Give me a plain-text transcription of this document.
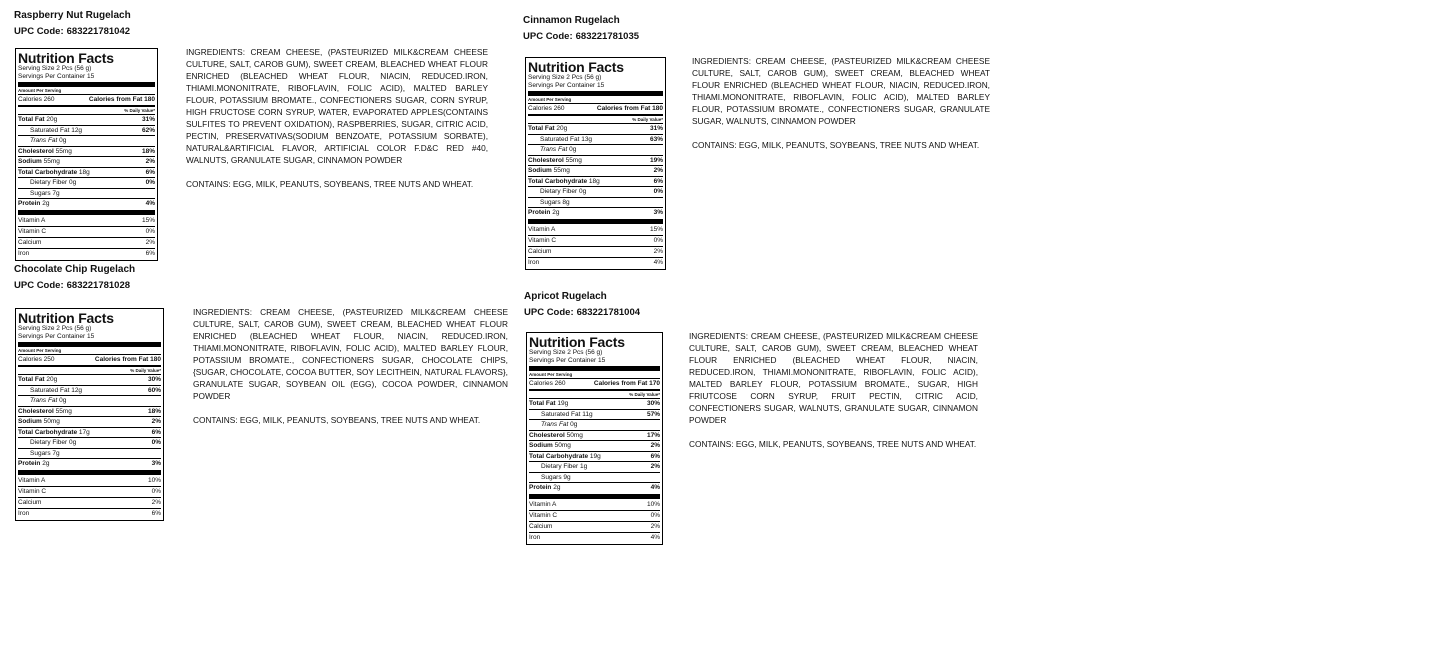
Raspberry Nut Rugelach
UPC Code: 683221781042
Nutrition Facts
Serving Size 2 Pcs (56 g)
Servings Per Container 15
Amount Per Serving
Calories 260	Calories from Fat 180
% Daily Value*
Total Fat 20g	31%
Saturated Fat 12g	62%
Trans Fat 0g
Cholesterol 55mg	18%
Sodium 55mg	2%
Total Carbohydrate 18g	6%
Dietary Fiber 0g	0%
Sugars 7g
Protein 2g	4%
Vitamin A	15%
Vitamin C	0%
Calcium	2%
Iron	6%

INGREDIENTS: CREAM CHEESE, (PASTEURIZED MILK&CREAM CHEESE CULTURE, SALT, CAROB GUM), SWEET CREAM, BLEACHED WHEAT FLOUR ENRICHED (BLEACHED WHEAT FLOUR, NIACIN, REDUCED.IRON, THIAMI.MONONITRATE, RIBOFLAVIN, FOLIC ACID), MALTED BARLEY FLOUR, POTASSIUM BROMATE., CONFECTIONERS SUGAR, CORN SYRUP, HIGH FRUCTOSE CORN SYRUP, WATER, EVAPORATED APPLES(CONTAINS SULFITES TO PREVENT OXIDATION), RASPBERRIES, SUGAR, CITRIC ACID, PECTIN, PRESERVATIVAS(SODIUM BENZOATE, POTASSIUM SORBATE), NATURAL&ARTIFICIAL FLAVOR, ARTIFICIAL COLOR F.D&C RED #40, WALNUTS, GRANULATE SUGAR, CINNAMON POWDER

CONTAINS: EGG, MILK, PEANUTS, SOYBEANS, TREE NUTS AND WHEAT.

Chocolate Chip Rugelach
UPC Code: 683221781028
Nutrition Facts
Serving Size 2 Pcs (56 g)
Servings Per Container 15
Amount Per Serving
Calories 250	Calories from Fat 180
% Daily Value*
Total Fat 20g	30%
Saturated Fat 12g	60%
Trans Fat 0g
Cholesterol 55mg	18%
Sodium 50mg	2%
Total Carbohydrate 17g	6%
Dietary Fiber 0g	0%
Sugars 7g
Protein 2g	3%
Vitamin A	10%
Vitamin C	0%
Calcium	2%
Iron	6%

INGREDIENTS: CREAM CHEESE, (PASTEURIZED MILK&CREAM CHEESE CULTURE, SALT, CAROB GUM), SWEET CREAM, BLEACHED WHEAT FLOUR ENRICHED (BLEACHED WHEAT FLOUR, NIACIN, REDUCED.IRON, THIAMI.MONONITRATE, RIBOFLAVIN, FOLIC ACID), MALTED BARLEY FLOUR, POTASSIUM BROMATE., CONFECTIONERS SUGAR, CHOCOLATE CHIPS, {SUGAR, CHOCOLATE, COCOA BUTTER, SOY LECITHEIN, NATURAL FLAVORS}, GRANULATE SUGAR, SOYBEAN OIL (EGG), COCOA POWDER, CINNAMON POWDER

CONTAINS: EGG, MILK, PEANUTS, SOYBEANS, TREE NUTS AND WHEAT.

Cinnamon Rugelach
UPC Code: 683221781035
Nutrition Facts
Serving Size 2 Pcs (56 g)
Servings Per Container 15
Amount Per Serving
Calories 260	Calories from Fat 180
% Daily Value*
Total Fat 20g	31%
Saturated Fat 13g	63%
Trans Fat 0g
Cholesterol 55mg	19%
Sodium 55mg	2%
Total Carbohydrate 18g	6%
Dietary Fiber 0g	0%
Sugars 8g
Protein 2g	3%
Vitamin A	15%
Vitamin C	0%
Calcium	2%
Iron	4%

INGREDIENTS: CREAM CHEESE, (PASTEURIZED MILK&CREAM CHEESE CULTURE, SALT, CAROB GUM), SWEET CREAM, BLEACHED WHEAT FLOUR ENRICHED (BLEACHED WHEAT FLOUR, NIACIN, REDUCED.IRON, THIAMI.MONONITRATE, RIBOFLAVIN, FOLIC ACID), MALTED BARLEY FLOUR, POTASSIUM BROMATE., CONFECTIONERS SUGAR, GRANULATE SUGAR, WALNUTS, CINNAMON POWDER

CONTAINS: EGG, MILK, PEANUTS, SOYBEANS, TREE NUTS AND WHEAT.

Apricot Rugelach
UPC Code: 683221781004
Nutrition Facts
Serving Size 2 Pcs (56 g)
Servings Per Container 15
Amount Per Serving
Calories 260	Calories from Fat 170
% Daily Value*
Total Fat 19g	30%
Saturated Fat 11g	57%
Trans Fat 0g
Cholesterol 50mg	17%
Sodium 50mg	2%
Total Carbohydrate 19g	6%
Dietary Fiber 1g	2%
Sugars 9g
Protein 2g	4%
Vitamin A	10%
Vitamin C	0%
Calcium	2%
Iron	4%

INGREDIENTS: CREAM CHEESE, (PASTEURIZED MILK&CREAM CHEESE CULTURE, SALT, CAROB GUM), SWEET CREAM, BLEACHED WHEAT FLOUR ENRICHED (BLEACHED WHEAT FLOUR, NIACIN, REDUCED.IRON, THIAMI.MONONITRATE, RIBOFLAVIN, FOLIC ACID), MALTED BARLEY FLOUR, POTASSIUM BROMATE., SUGAR, HIGH FRIUTCOSE CORN SYRUP, FRUIT PECTIN, CITRIC ACID, CONFECTIONERS SUGAR, WALNUTS, GRANULATE SUGAR, CINNAMON POWDER

CONTAINS: EGG, MILK, PEANUTS, SOYBEANS, TREE NUTS AND WHEAT.
